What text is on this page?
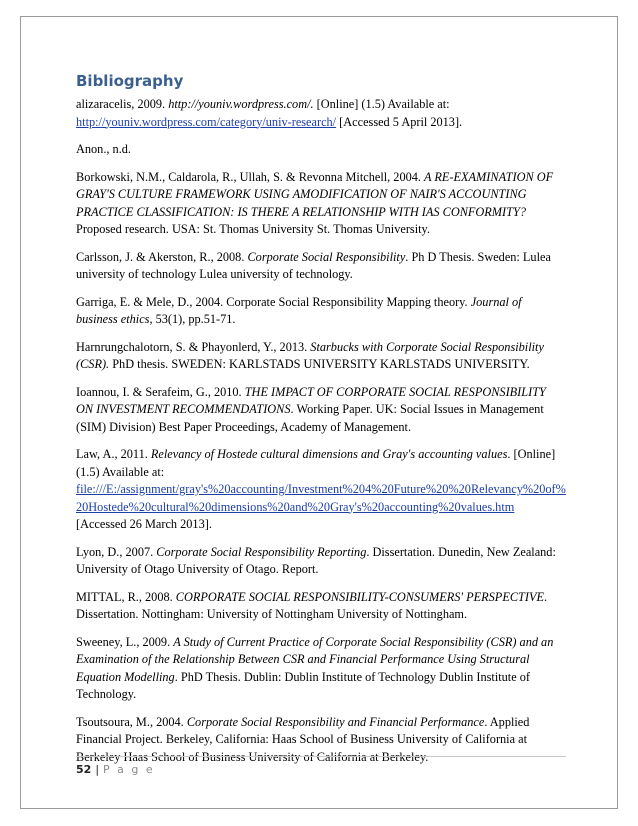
Bibliography

alizaracelis, 2009. http://youniv.wordpress.com/. [Online] (1.5) Available at:
http://youniv.wordpress.com/category/univ-research/ [Accessed 5 April 2013].

Anon., n.d.

Borkowski, N.M., Caldarola, R., Ullah, S. & Revonna Mitchell, 2004. A RE-EXAMINATION OF GRAY'S CULTURE FRAMEWORK USING AMODIFICATION OF NAIR'S ACCOUNTING PRACTICE CLASSIFICATION: IS THERE A RELATIONSHIP WITH IAS CONFORMITY? Proposed research. USA: St. Thomas University St. Thomas University.

Carlsson, J. & Akerston, R., 2008. Corporate Social Responsibility. Ph D Thesis. Sweden: Lulea university of technology Lulea university of technology.

Garriga, E. & Mele, D., 2004. Corporate Social Responsibility Mapping theory. Journal of business ethics, 53(1), pp.51-71.

Harnrungchalotorn, S. & Phayonlerd, Y., 2013. Starbucks with Corporate Social Responsibility (CSR). PhD thesis. SWEDEN: KARLSTADS UNIVERSITY KARLSTADS UNIVERSITY.

Ioannou, I. & Serafeim, G., 2010. THE IMPACT OF CORPORATE SOCIAL RESPONSIBILITY ON INVESTMENT RECOMMENDATIONS. Working Paper. UK: Social Issues in Management (SIM) Division) Best Paper Proceedings, Academy of Management.

Law, A., 2011. Relevancy of Hostede cultural dimensions and Gray's accounting values. [Online] (1.5) Available at:
file:///E:/assignment/gray's%20accounting/Investment%204%20Future%20%20Relevancy%20of%20Hostede%20cultural%20dimensions%20and%20Gray's%20accounting%20values.htm
[Accessed 26 March 2013].

Lyon, D., 2007. Corporate Social Responsibility Reporting. Dissertation. Dunedin, New Zealand: University of Otago University of Otago. Report.

MITTAL, R., 2008. CORPORATE SOCIAL RESPONSIBILITY-CONSUMERS' PERSPECTIVE. Dissertation. Nottingham: University of Nottingham University of Nottingham.

Sweeney, L., 2009. A Study of Current Practice of Corporate Social Responsibility (CSR) and an Examination of the Relationship Between CSR and Financial Performance Using Structural Equation Modelling. PhD Thesis. Dublin: Dublin Institute of Technology Dublin Institute of Technology.

Tsoutsoura, M., 2004. Corporate Social Responsibility and Financial Performance. Applied Financial Project. Berkeley, California: Haas School of Business University of California at Berkeley Haas School of Business University of California at Berkeley.

52 | P a g e
